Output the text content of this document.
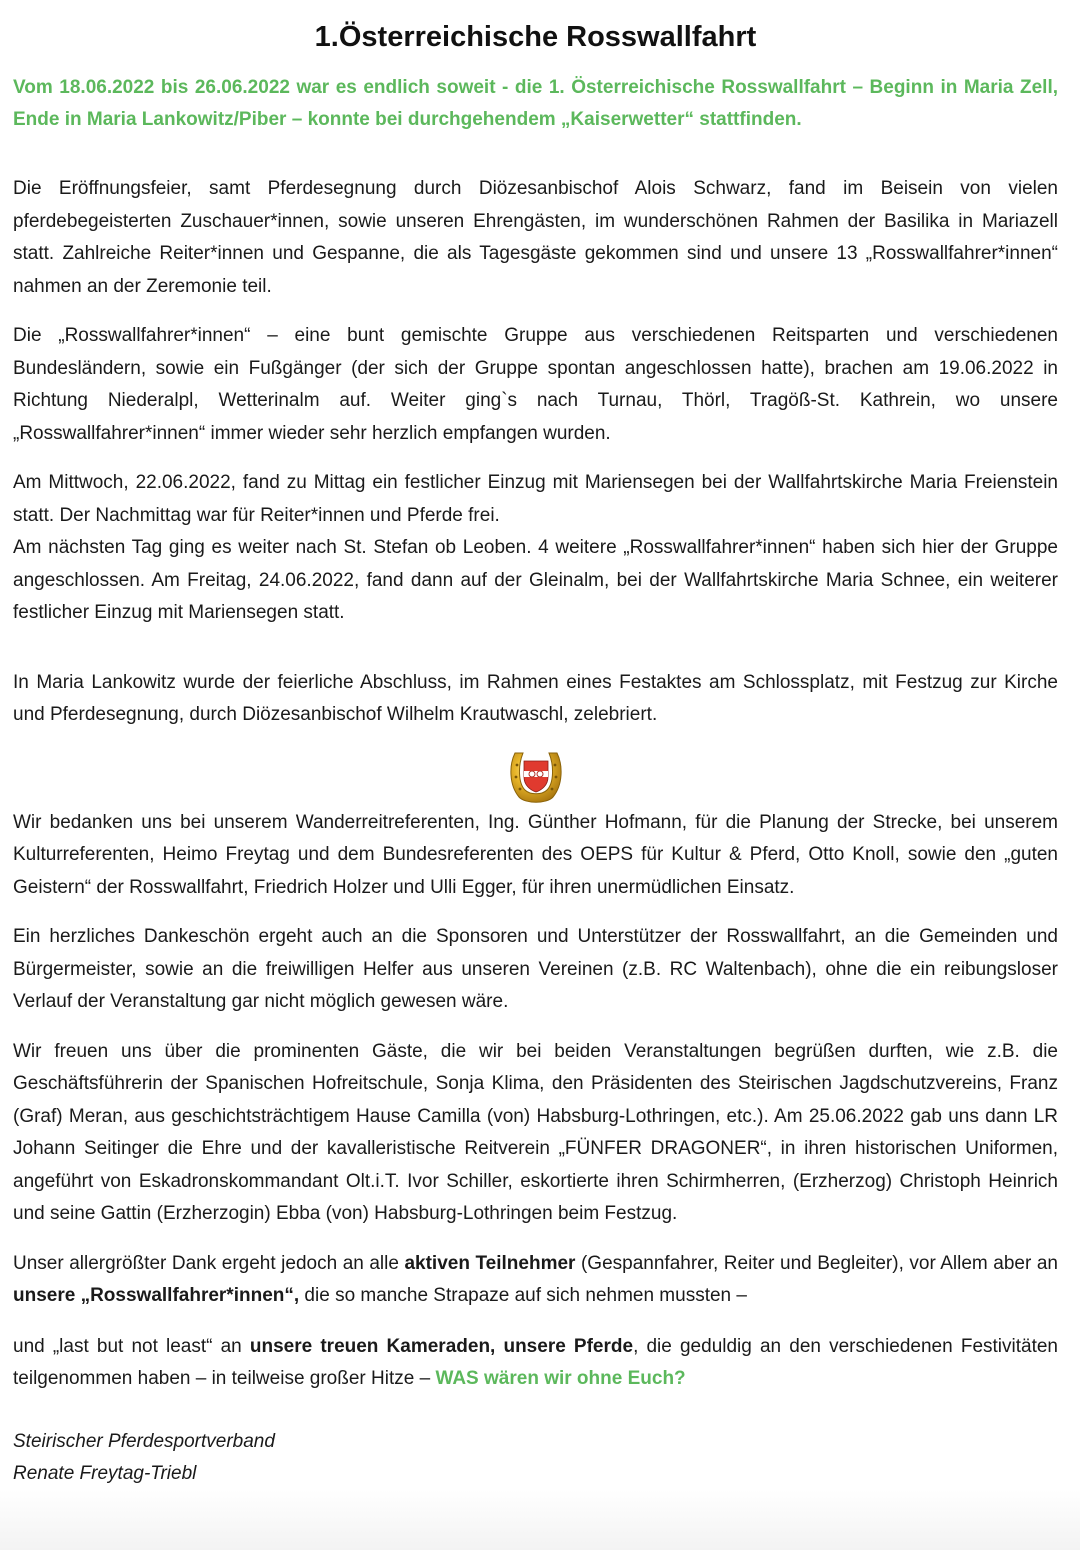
1.Österreichische Rosswallfahrt

Vom 18.06.2022 bis 26.06.2022 war es endlich soweit - die 1. Österreichische Rosswallfahrt – Beginn in Maria Zell, Ende in Maria Lankowitz/Piber – konnte bei durchgehendem „Kaiserwetter“ stattfinden.

Die Eröffnungsfeier, samt Pferdesegnung durch Diözesanbischof Alois Schwarz, fand im Beisein von vielen pferdebegeisterten Zuschauer*innen, sowie unseren Ehrengästen, im wunderschönen Rahmen der Basilika in Mariazell statt. Zahlreiche Reiter*innen und Gespanne, die als Tagesgäste gekommen sind und unsere 13 „Rosswallfahrer*innen“ nahmen an der Zeremonie teil.

Die „Rosswallfahrer*innen“ – eine bunt gemischte Gruppe aus verschiedenen Reitsparten und verschiedenen Bundesländern, sowie ein Fußgänger (der sich der Gruppe spontan angeschlossen hatte), brachen am 19.06.2022 in Richtung Niederalpl, Wetterinalm auf. Weiter ging`s nach Turnau, Thörl, Tragöß-St. Kathrein, wo unsere „Rosswallfahrer*innen“ immer wieder sehr herzlich empfangen wurden.

Am Mittwoch, 22.06.2022, fand zu Mittag ein festlicher Einzug mit Mariensegen bei der Wallfahrtskirche Maria Freienstein statt. Der Nachmittag war für Reiter*innen und Pferde frei.

Am nächsten Tag ging es weiter nach St. Stefan ob Leoben. 4 weitere „Rosswallfahrer*innen“ haben sich hier der Gruppe angeschlossen. Am Freitag, 24.06.2022, fand dann auf der Gleinalm, bei der Wallfahrtskirche Maria Schnee, ein weiterer festlicher Einzug mit Mariensegen statt.

In Maria Lankowitz wurde der feierliche Abschluss, im Rahmen eines Festaktes am Schlossplatz, mit Festzug zur Kirche und Pferdesegnung, durch Diözesanbischof Wilhelm Krautwaschl, zelebriert.

Wir bedanken uns bei unserem Wanderreitreferenten, Ing. Günther Hofmann, für die Planung der Strecke, bei unserem Kulturreferenten, Heimo Freytag und dem Bundesreferenten des OEPS für Kultur & Pferd, Otto Knoll, sowie den „guten Geistern“ der Rosswallfahrt, Friedrich Holzer und Ulli Egger, für ihren unermüdlichen Einsatz.

Ein herzliches Dankeschön ergeht auch an die Sponsoren und Unterstützer der Rosswallfahrt, an die Gemeinden und Bürgermeister, sowie an die freiwilligen Helfer aus unseren Vereinen (z.B. RC Waltenbach), ohne die ein reibungsloser Verlauf der Veranstaltung gar nicht möglich gewesen wäre.

Wir freuen uns über die prominenten Gäste, die wir bei beiden Veranstaltungen begrüßen durften, wie z.B. die Geschäftsführerin der Spanischen Hofreitschule, Sonja Klima, den Präsidenten des Steirischen Jagdschutzvereins, Franz (Graf) Meran, aus geschichtsträchtigem Hause Camilla (von) Habsburg-Lothringen, etc.). Am 25.06.2022 gab uns dann LR Johann Seitinger die Ehre und der kavalleristische Reitverein „FÜNFER DRAGONER“, in ihren historischen Uniformen, angeführt von Eskadronskommandant Olt.i.T. Ivor Schiller, eskortierte ihren Schirmherren, (Erzherzog) Christoph Heinrich und seine Gattin (Erzherzogin) Ebba (von) Habsburg-Lothringen beim Festzug.

Unser allergrößter Dank ergeht jedoch an alle aktiven Teilnehmer (Gespannfahrer, Reiter und Begleiter), vor Allem aber an unsere „Rosswallfahrer*innen“, die so manche Strapaze auf sich nehmen mussten –

und „last but not least“ an unsere treuen Kameraden, unsere Pferde, die geduldig an den verschiedenen Festivitäten teilgenommen haben – in teilweise großer Hitze – WAS wären wir ohne Euch?

Steirischer Pferdesportverband
Renate Freytag-Triebl
